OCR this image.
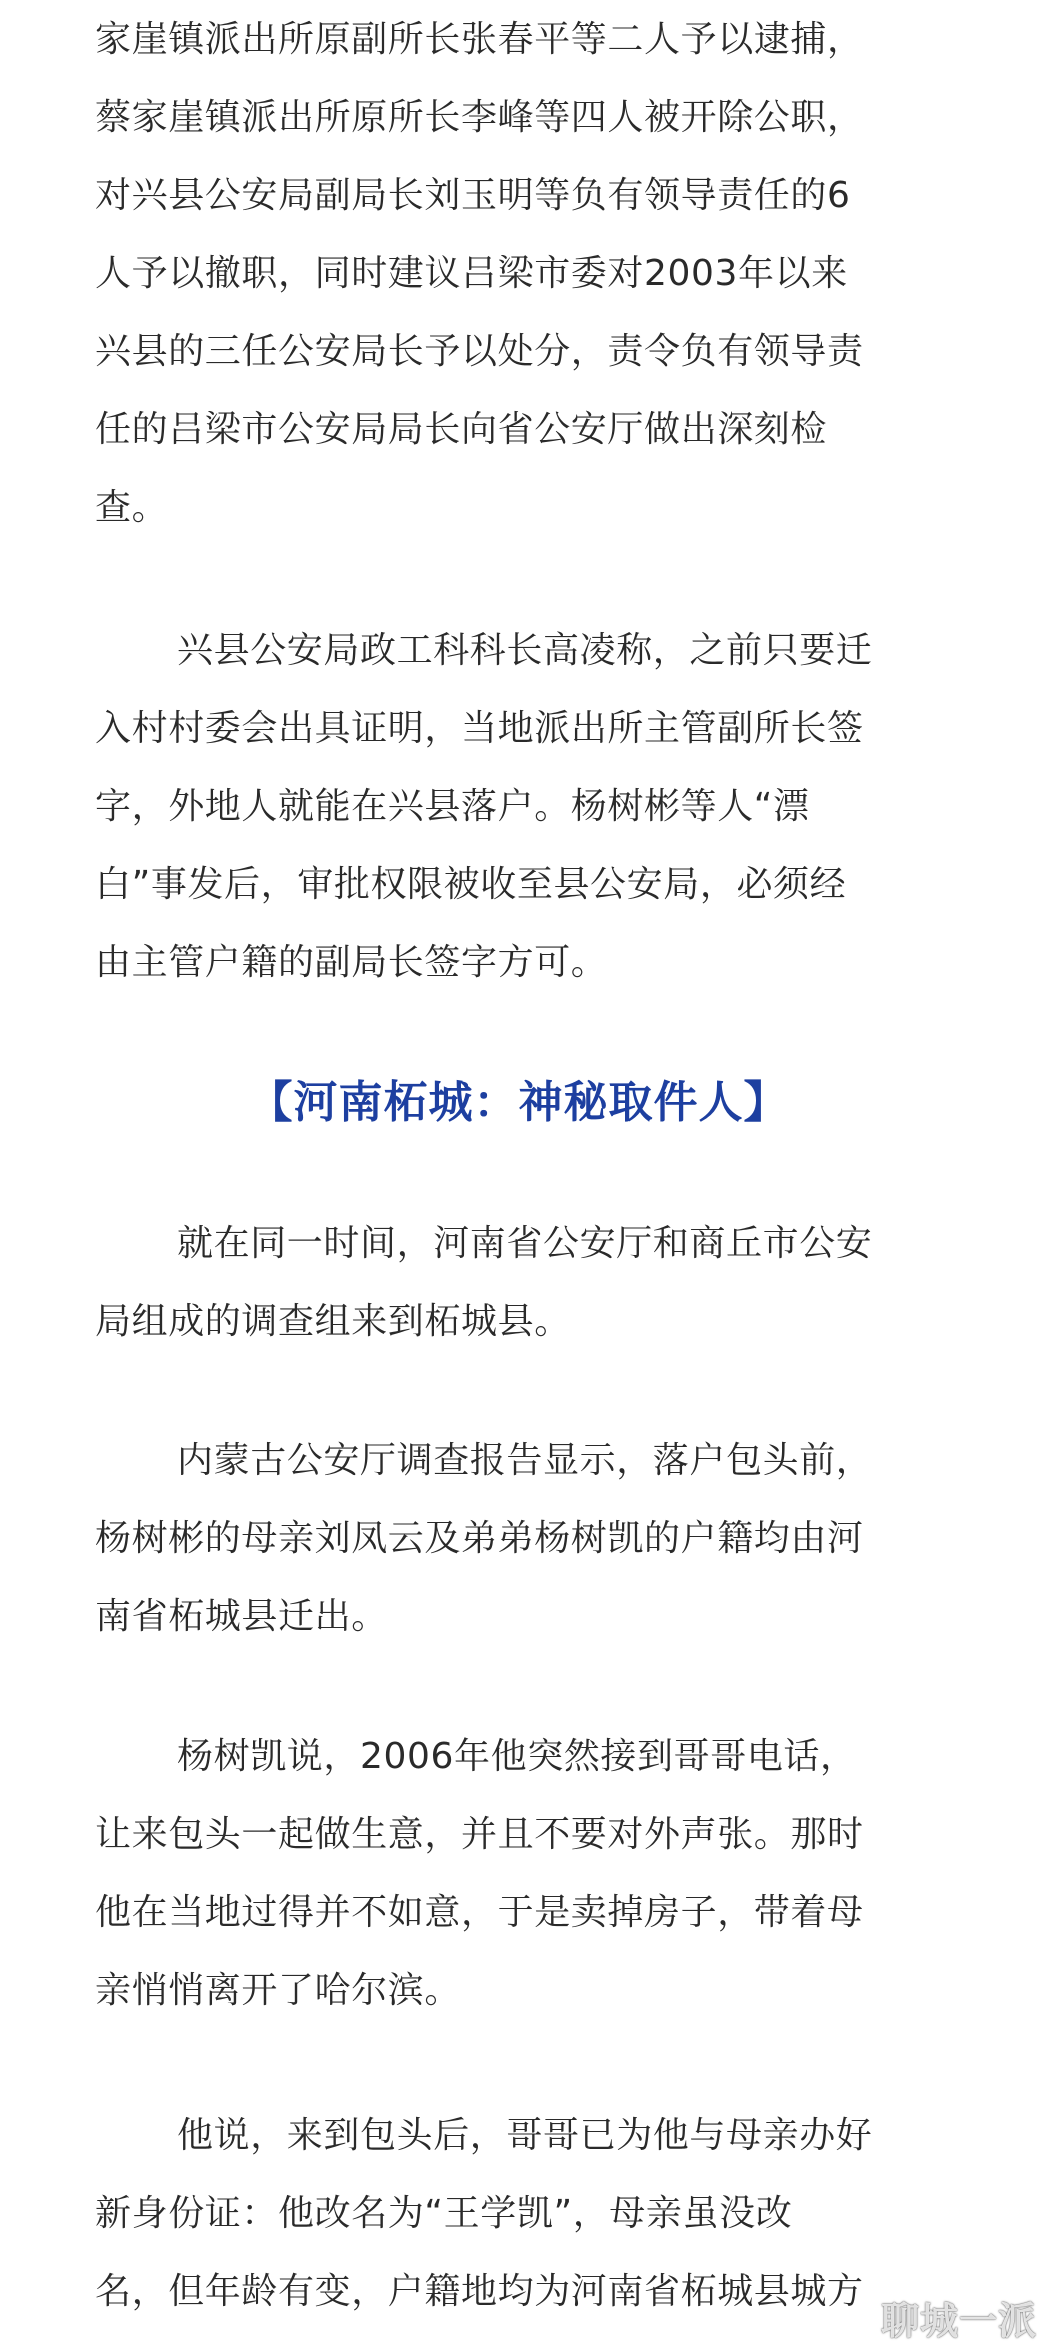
家崖镇派出所原副所长张春平等二人予以逮捕，
蔡家崖镇派出所原所长李峰等四人被开除公职，
对兴县公安局副局长刘玉明等负有领导责任的6
人予以撤职，同时建议吕梁市委对2003年以来
兴县的三任公安局长予以处分，责令负有领导责
任的吕梁市公安局局长向省公安厅做出深刻检
查。
兴县公安局政工科科长高凌称，之前只要迁
入村村委会出具证明，当地派出所主管副所长签
字，外地人就能在兴县落户。杨树彬等人“漂
白”事发后，审批权限被收至县公安局，必须经
由主管户籍的副局长签字方可。
【河南柘城：神秘取件人】
就在同一时间，河南省公安厅和商丘市公安
局组成的调查组来到柘城县。
内蒙古公安厅调查报告显示，落户包头前，
杨树彬的母亲刘凤云及弟弟杨树凯的户籍均由河
南省柘城县迁出。
杨树凯说，2006年他突然接到哥哥电话，
让来包头一起做生意，并且不要对外声张。那时
他在当地过得并不如意，于是卖掉房子，带着母
亲悄悄离开了哈尔滨。
他说，来到包头后，哥哥已为他与母亲办好
新身份证：他改名为“王学凯”，母亲虽没改
名，但年龄有变，户籍地均为河南省柘城县城方
聊城一派
